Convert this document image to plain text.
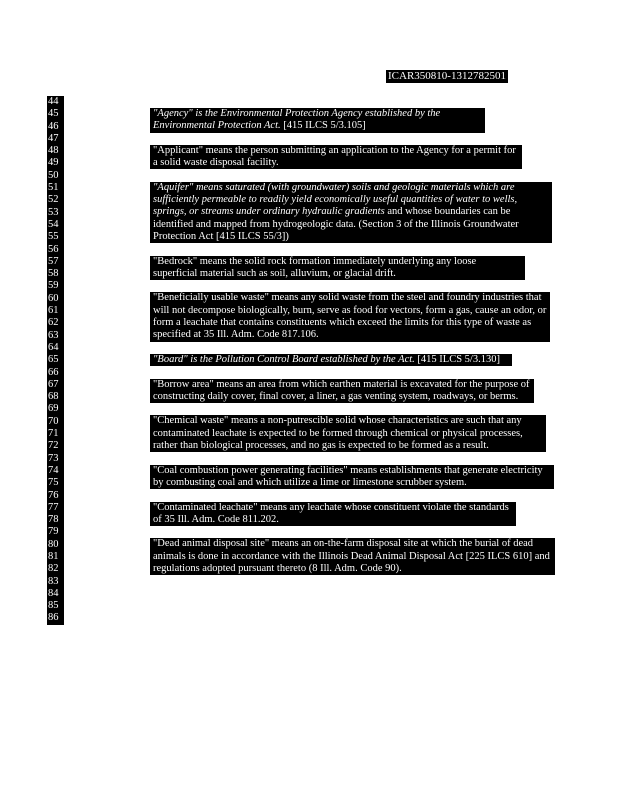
ICAR350810-1312782501
44
45
46
47
48
49
50
51
52
53
54
55
56
57
58
59
60
61
62
63
64
65
66
67
68
69
70
71
72
73
74
75
76
77
78
79
80
81
82
83
84
85
86
"Agency" is the Environmental Protection Agency established by the Environmental Protection Act. [415 ILCS 5/3.105]
"Applicant" means the person submitting an application to the Agency for a permit for a solid waste disposal facility.
"Aquifer" means saturated (with groundwater) soils and geologic materials which are sufficiently permeable to readily yield economically useful quantities of water to wells, springs, or streams under ordinary hydraulic gradients and whose boundaries can be identified and mapped from hydrogeologic data. (Section 3 of the Illinois Groundwater Protection Act [415 ILCS 55/3])
"Bedrock" means the solid rock formation immediately underlying any loose superficial material such as soil, alluvium, or glacial drift.
"Beneficially usable waste" means any solid waste from the steel and foundry industries that will not decompose biologically, burn, serve as food for vectors, form a gas, cause an odor, or form a leachate that contains constituents which exceed the limits for this type of waste as specified at 35 Ill. Adm. Code 817.106.
"Board" is the Pollution Control Board established by the Act. [415 ILCS 5/3.130]
"Borrow area" means an area from which earthen material is excavated for the purpose of constructing daily cover, final cover, a liner, a gas venting system, roadways, or berms.
"Chemical waste" means a non-putrescible solid whose characteristics are such that any contaminated leachate is expected to be formed through chemical or physical processes, rather than biological processes, and no gas is expected to be formed as a result.
"Coal combustion power generating facilities" means establishments that generate electricity by combusting coal and which utilize a lime or limestone scrubber system.
"Contaminated leachate" means any leachate whose constituent violate the standards of 35 Ill. Adm. Code 811.202.
"Dead animal disposal site" means an on-the-farm disposal site at which the burial of dead animals is done in accordance with the Illinois Dead Animal Disposal Act [225 ILCS 610] and regulations adopted pursuant thereto (8 Ill. Adm. Code 90).
